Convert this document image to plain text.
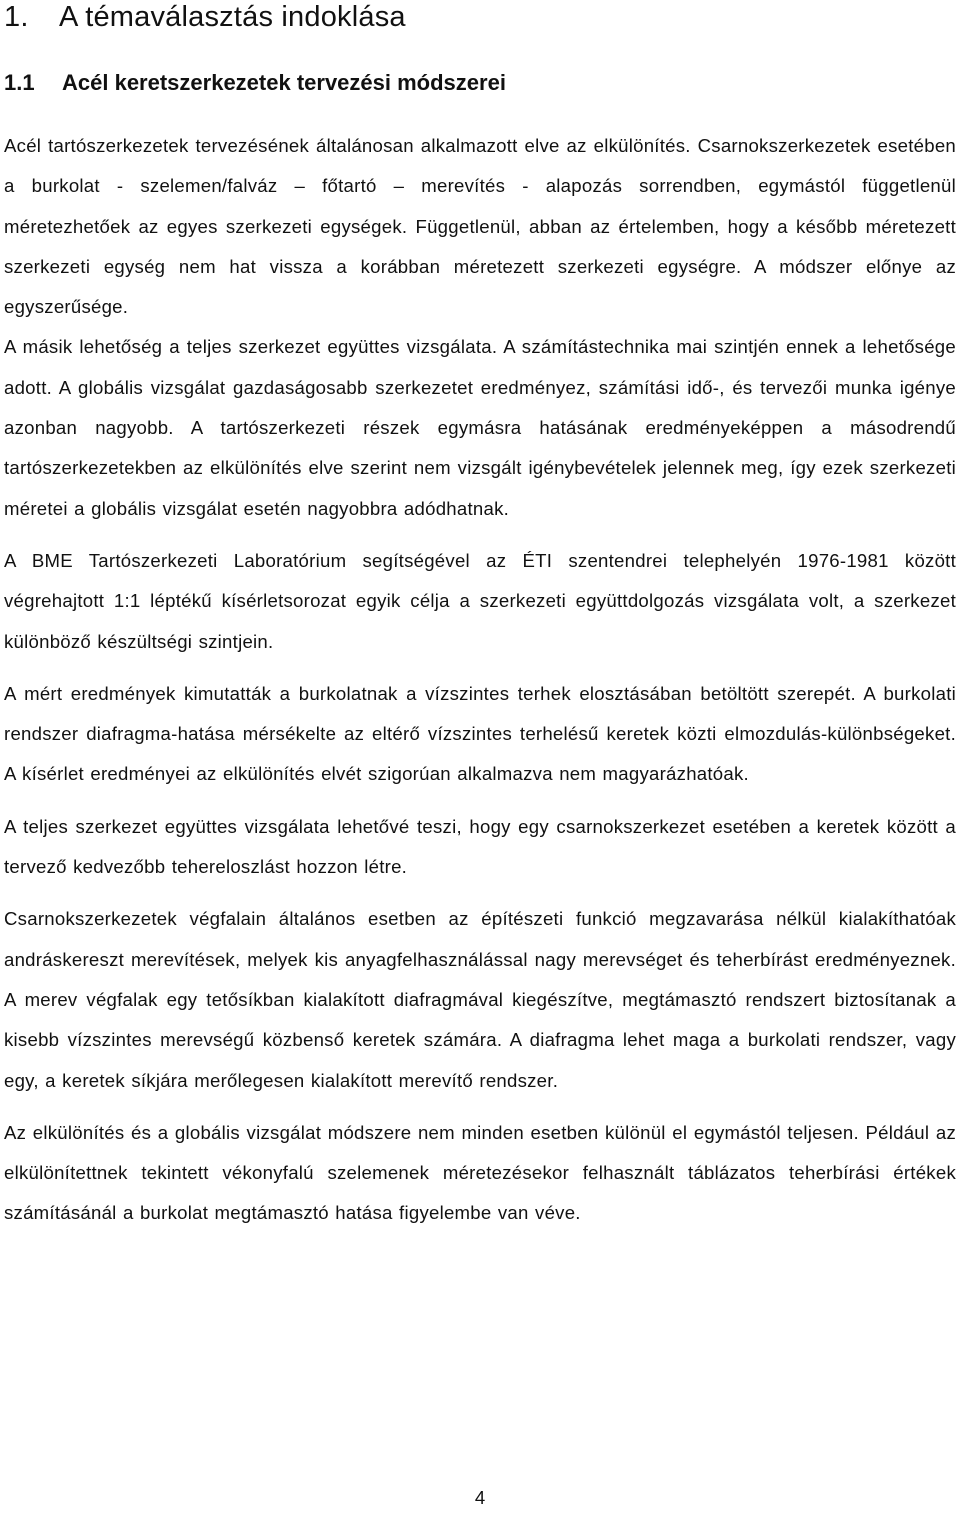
1. A témaválasztás indoklása
1.1 Acél keretszerkezetek tervezési módszerei

Acél tartószerkezetek tervezésének általánosan alkalmazott elve az elkülönítés. Csarnokszerkezetek esetében a burkolat - szelemen/falváz – főtartó – merevítés - alapozás sorrendben, egymástól függetlenül méretezhetőek az egyes szerkezeti egységek. Függetlenül, abban az értelemben, hogy a később méretezett szerkezeti egység nem hat vissza a korábban méretezett szerkezeti egységre. A módszer előnye az egyszerűsége.

A másik lehetőség a teljes szerkezet együttes vizsgálata. A számítástechnika mai szintjén ennek a lehetősége adott. A globális vizsgálat gazdaságosabb szerkezetet eredményez, számítási idő-, és tervezői munka igénye azonban nagyobb. A tartószerkezeti részek egymásra hatásának eredményeképpen a másodrendű tartószerkezetekben az elkülönítés elve szerint nem vizsgált igénybevételek jelennek meg, így ezek szerkezeti méretei a globális vizsgálat esetén nagyobbra adódhatnak.

A BME Tartószerkezeti Laboratórium segítségével az ÉTI szentendrei telephelyén 1976-1981 között végrehajtott 1:1 léptékű kísérletsorozat egyik célja a szerkezeti együttdolgozás vizsgálata volt, a szerkezet különböző készültségi szintjein.

A mért eredmények kimutatták a burkolatnak a vízszintes terhek elosztásában betöltött szerepét. A burkolati rendszer diafragma-hatása mérsékelte az eltérő vízszintes terhelésű keretek közti elmozdulás-különbségeket. A kísérlet eredményei az elkülönítés elvét szigorúan alkalmazva nem magyarázhatóak.

A teljes szerkezet együttes vizsgálata lehetővé teszi, hogy egy csarnokszerkezet esetében a keretek között a tervező kedvezőbb tehereloszlást hozzon létre.

Csarnokszerkezetek végfalain általános esetben az építészeti funkció megzavarása nélkül kialakíthatóak andráskereszt merevítések, melyek kis anyagfelhasználással nagy merevséget és teherbírást eredményeznek. A merev végfalak egy tetősíkban kialakított diafragmával kiegészítve, megtámasztó rendszert biztosítanak a kisebb vízszintes merevségű közbenső keretek számára. A diafragma lehet maga a burkolati rendszer, vagy egy, a keretek síkjára merőlegesen kialakított merevítő rendszer.

Az elkülönítés és a globális vizsgálat módszere nem minden esetben különül el egymástól teljesen. Például az elkülönítettnek tekintett vékonyfalú szelemenek méretezésekor felhasznált táblázatos teherbírási értékek számításánál a burkolat megtámasztó hatása figyelembe van véve.

4
